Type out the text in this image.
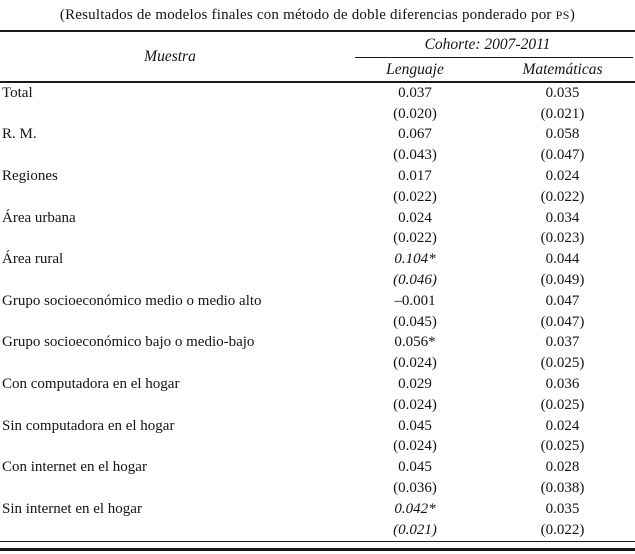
(Resultados de modelos finales con método de doble diferencias ponderado por PS)
Muestra
Cohorte: 2007-2011
Lenguaje	Matemáticas
Total	0.037	0.035
(0.020)	(0.021)
R. M.	0.067	0.058
(0.043)	(0.047)
Regiones	0.017	0.024
(0.022)	(0.022)
Área urbana	0.024	0.034
(0.022)	(0.023)
Área rural	0.104*	0.044
(0.046)	(0.049)
Grupo socioeconómico medio o medio alto	–0.001	0.047
(0.045)	(0.047)
Grupo socioeconómico bajo o medio-bajo	0.056*	0.037
(0.024)	(0.025)
Con computadora en el hogar	0.029	0.036
(0.024)	(0.025)
Sin computadora en el hogar	0.045	0.024
(0.024)	(0.025)
Con internet en el hogar	0.045	0.028
(0.036)	(0.038)
Sin internet en el hogar	0.042*	0.035
(0.021)	(0.022)
